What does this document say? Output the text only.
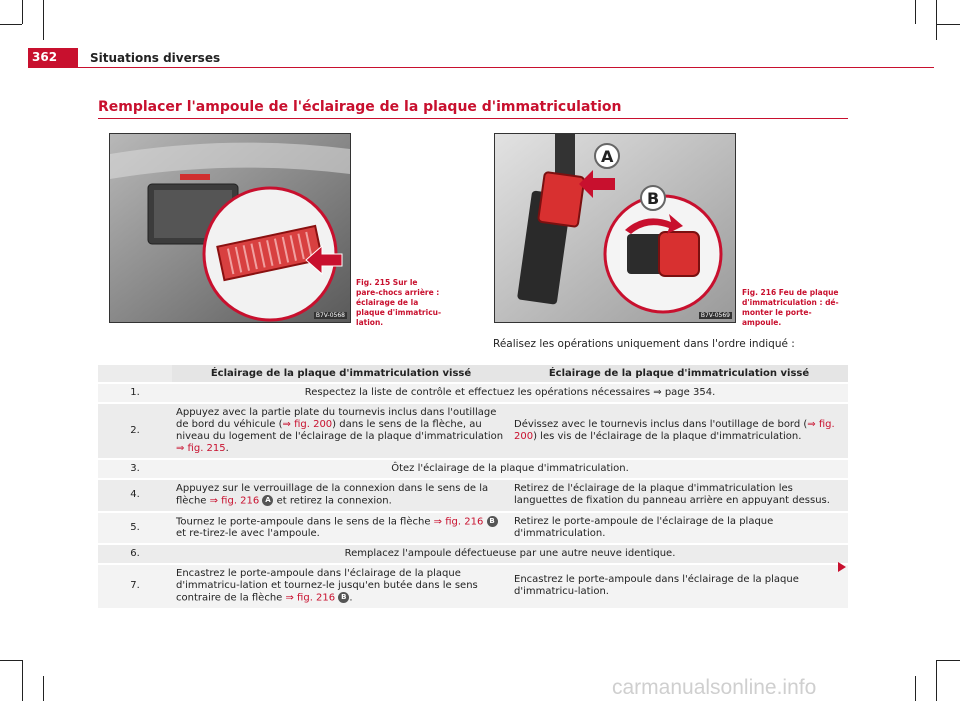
362	Situations diverses
Remplacer l'ampoule de l'éclairage de la plaque d'immatriculation
B7V-0568
Fig. 215 Sur le pare-chocs arrière : éclairage de la plaque d'immatricu-lation.
A
B
B7V-0569
Fig. 216 Feu de plaque d'immatriculation : dé-monter le porte-ampoule.
Réalisez les opérations uniquement dans l'ordre indiqué :
	Éclairage de la plaque d'immatriculation vissé	Éclairage de la plaque d'immatriculation vissé
1.	Respectez la liste de contrôle et effectuez les opérations nécessaires ⇒ page 354.	
2.	Appuyez avec la partie plate du tournevis inclus dans l'outillage de bord du véhicule (⇒ fig. 200) dans le sens de la flèche, au niveau du logement de l'éclairage de la plaque d'immatriculation ⇒ fig. 215.	Dévissez avec le tournevis inclus dans l'outillage de bord (⇒ fig. 200) les vis de l'éclairage de la plaque d'immatriculation.
3.	Ôtez l'éclairage de la plaque d'immatriculation.	
4.	Appuyez sur le verrouillage de la connexion dans le sens de la flèche ⇒ fig. 216 A et retirez la connexion.	Retirez de l'éclairage de la plaque d'immatriculation les languettes de fixation du panneau arrière en appuyant dessus.
5.	Tournez le porte-ampoule dans le sens de la flèche ⇒ fig. 216 B et re-tirez-le avec l'ampoule.	Retirez le porte-ampoule de l'éclairage de la plaque d'immatriculation.
6.	Remplacez l'ampoule défectueuse par une autre neuve identique.	
7.	Encastrez le porte-ampoule dans l'éclairage de la plaque d'immatricu-lation et tournez-le jusqu'en butée dans le sens contraire de la flèche ⇒ fig. 216 B .	Encastrez le porte-ampoule dans l'éclairage de la plaque d'immatricu-lation.
carmanualsonline.info
